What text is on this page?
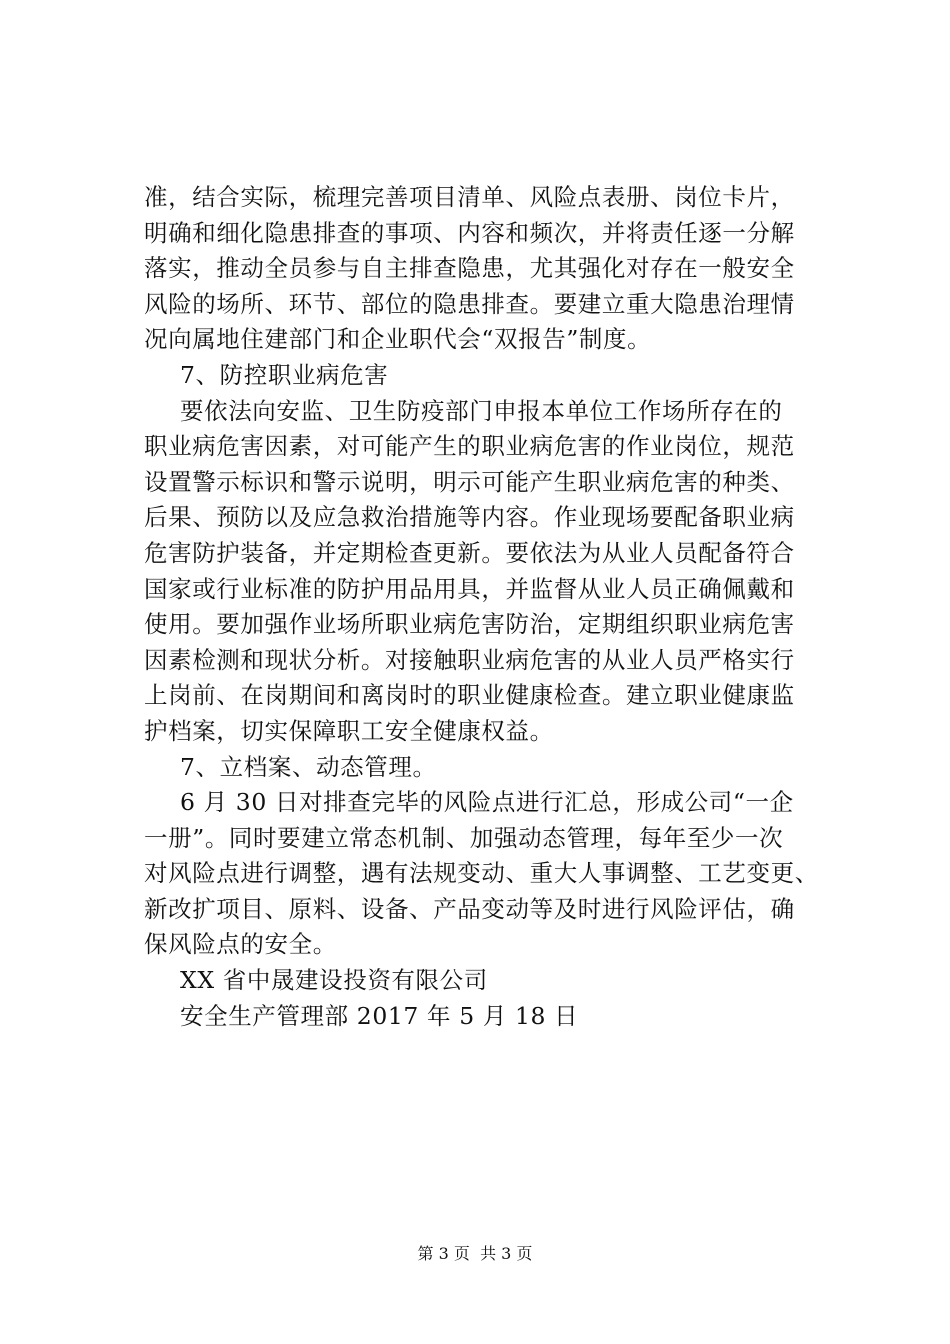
准，结合实际，梳理完善项目清单、风险点表册、岗位卡片，
明确和细化隐患排查的事项、内容和频次，并将责任逐一分解
落实，推动全员参与自主排查隐患，尤其强化对存在一般安全
风险的场所、环节、部位的隐患排查。要建立重大隐患治理情
况向属地住建部门和企业职代会“双报告”制度。
7、防控职业病危害
要依法向安监、卫生防疫部门申报本单位工作场所存在的
职业病危害因素，对可能产生的职业病危害的作业岗位，规范
设置警示标识和警示说明，明示可能产生职业病危害的种类、
后果、预防以及应急救治措施等内容。作业现场要配备职业病
危害防护装备，并定期检查更新。要依法为从业人员配备符合
国家或行业标准的防护用品用具，并监督从业人员正确佩戴和
使用。要加强作业场所职业病危害防治，定期组织职业病危害
因素检测和现状分析。对接触职业病危害的从业人员严格实行
上岗前、在岗期间和离岗时的职业健康检查。建立职业健康监
护档案，切实保障职工安全健康权益。
7、立档案、动态管理。
6 月 30 日对排查完毕的风险点进行汇总，形成公司“一企
一册”。同时要建立常态机制、加强动态管理，每年至少一次
对风险点进行调整，遇有法规变动、重大人事调整、工艺变更、
新改扩项目、原料、设备、产品变动等及时进行风险评估，确
保风险点的安全。
XX 省中晟建设投资有限公司
安全生产管理部 2017 年 5 月 18 日
第 3 页  共 3 页
